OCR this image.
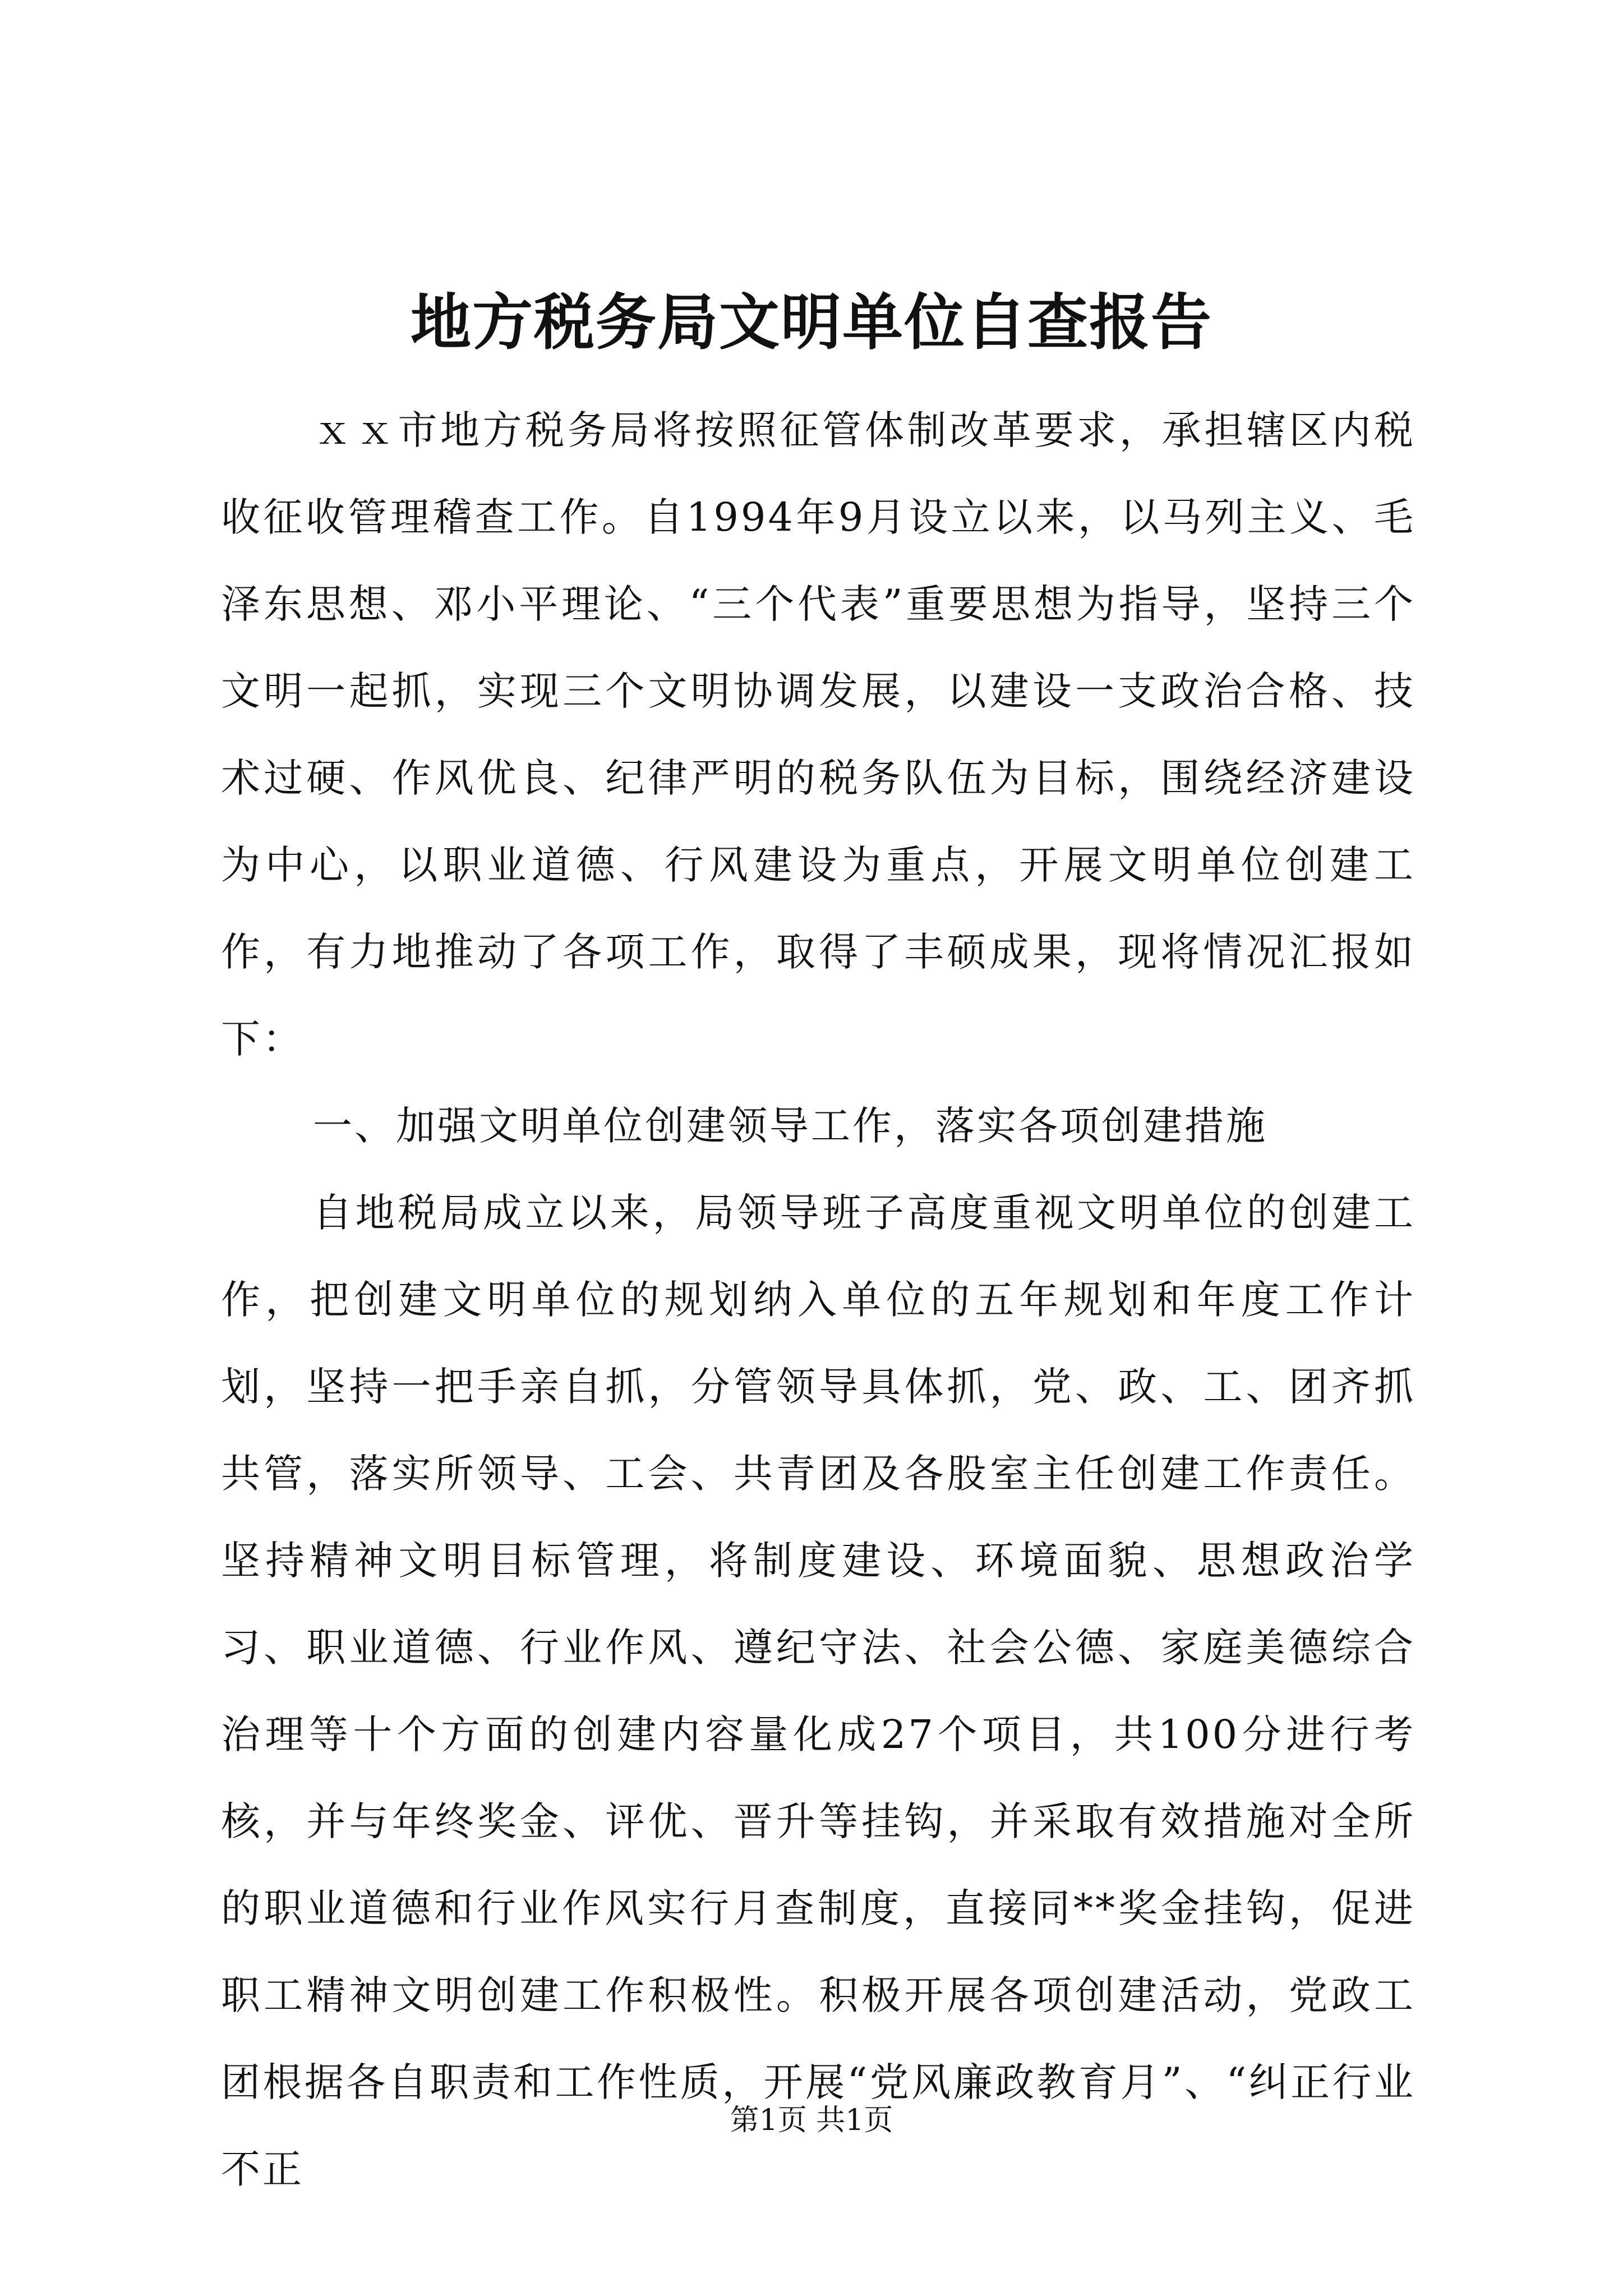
地方税务局文明单位自查报告

ｘｘ市地方税务局将按照征管体制改革要求，承担辖区内税收征收管理稽查工作。自1994年9月设立以来，以马列主义、毛泽东思想、邓小平理论、“三个代表”重要思想为指导，坚持三个文明一起抓，实现三个文明协调发展，以建设一支政治合格、技术过硬、作风优良、纪律严明的税务队伍为目标，围绕经济建设为中心，以职业道德、行风建设为重点，开展文明单位创建工作，有力地推动了各项工作，取得了丰硕成果，现将情况汇报如下：

一、加强文明单位创建领导工作，落实各项创建措施

自地税局成立以来，局领导班子高度重视文明单位的创建工作，把创建文明单位的规划纳入单位的五年规划和年度工作计划，坚持一把手亲自抓，分管领导具体抓，党、政、工、团齐抓共管，落实所领导、工会、共青团及各股室主任创建工作责任。坚持精神文明目标管理，将制度建设、环境面貌、思想政治学习、职业道德、行业作风、遵纪守法、社会公德、家庭美德综合治理等十个方面的创建内容量化成27个项目，共100分进行考核，并与年终奖金、评优、晋升等挂钩，并采取有效措施对全所的职业道德和行业作风实行月查制度，直接同**奖金挂钩，促进职工精神文明创建工作积极性。积极开展各项创建活动，党政工团根据各自职责和工作性质，开展“党风廉政教育月”、“纠正行业不正

第1页 共1页
